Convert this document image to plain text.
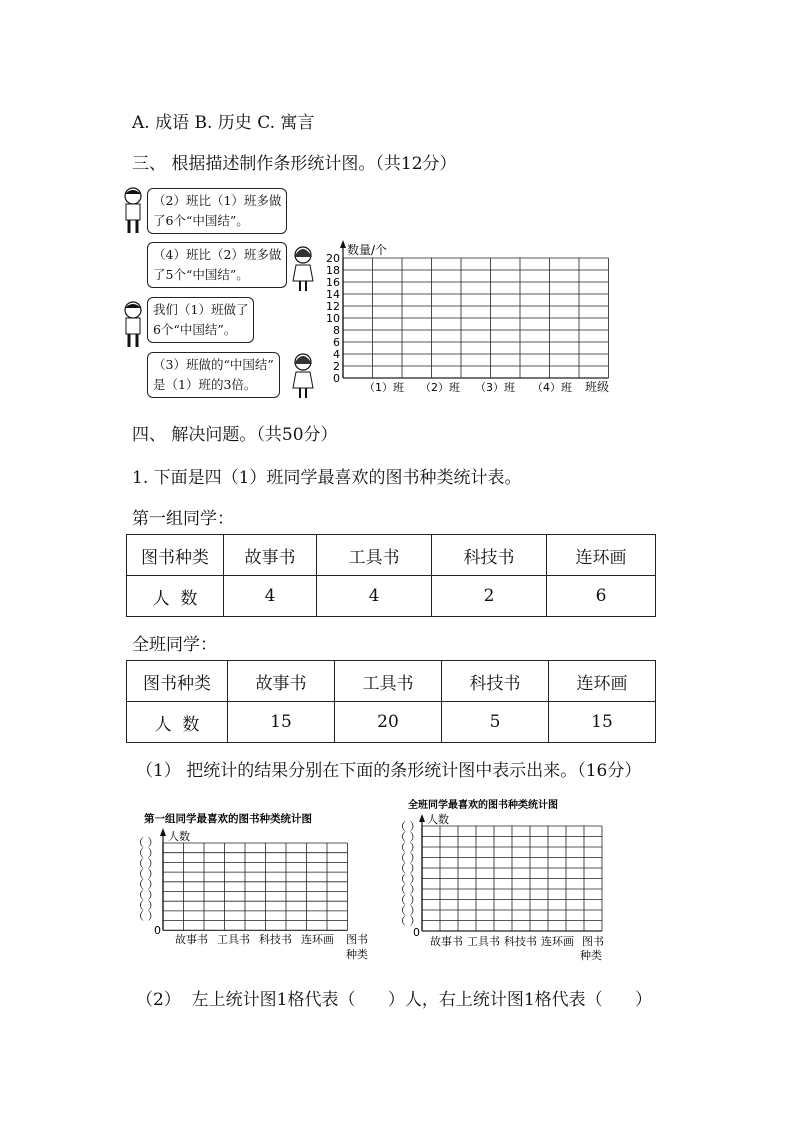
A. 成语 B. 历史 C. 寓言
三、 根据描述制作条形统计图。（共12分）
（2）班比（1）班多做
了6个“中国结”。
（4）班比（2）班多做
了5个“中国结”。
我们（1）班做了
6个“中国结”。
（3）班做的“中国结”
是（1）班的3倍。
数量/个
20
18
16
14
12
10
8
6
4
2
0
（1）班 （2）班 （3）班 （4）班 班级
四、 解决问题。（共50分）
1. 下面是四（1）班同学最喜欢的图书种类统计表。
第一组同学：
图书种类	故事书	工具书	科技书	连环画
人  数	4	4	2	6
全班同学：
图书种类	故事书	工具书	科技书	连环画
人  数	15	20	5	15
（1） 把统计的结果分别在下面的条形统计图中表示出来。（16分）
第一组同学最喜欢的图书种类统计图
人数
（ ）
（ ）
（ ）
（ ）
（ ）
（ ）
（ ）
（ ）
0
故事书 工具书 科技书 连环画 图书
种类
全班同学最喜欢的图书种类统计图
人数
（ ）
（ ）
（ ）
（ ）
（ ）
（ ）
（ ）
（ ）
（ ）
（ ）
0
故事书 工具书 科技书 连环画 图书
种类
（2）  左上统计图1格代表（      ）人，右上统计图1格代表（      ）
